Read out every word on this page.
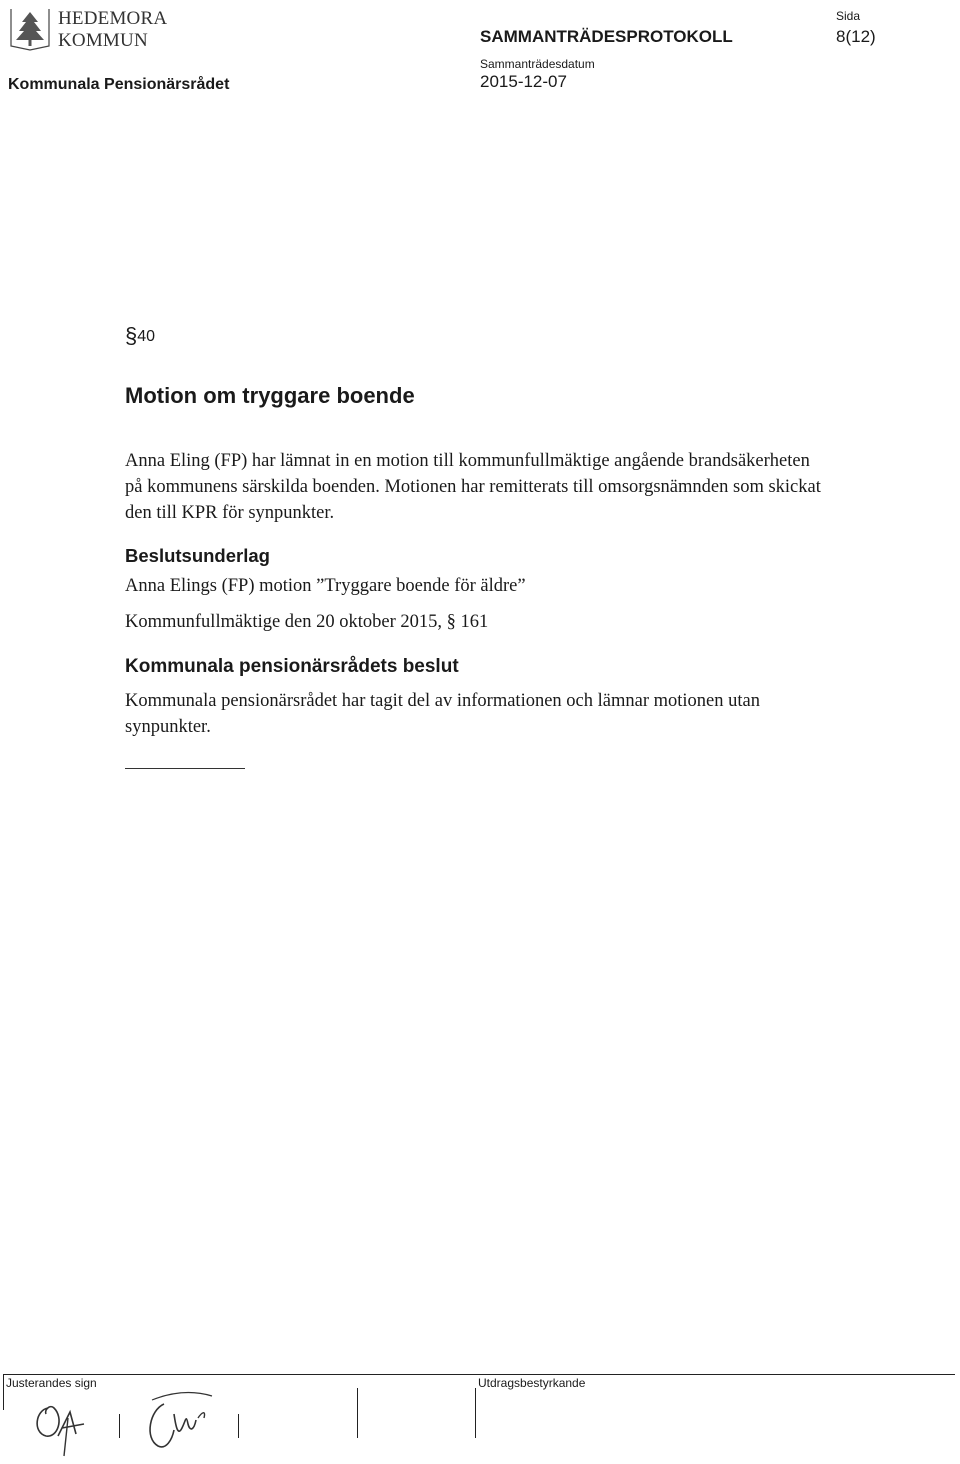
HEDEMORA
KOMMUN
Kommunala Pensionärsrådet
SAMMANTRÄDESPROTOKOLL
Sammanträdesdatum
2015-12-07
Sida
8(12)
§40
Motion om tryggare boende

Anna Eling (FP) har lämnat in en motion till kommunfullmäktige angående brandsäkerheten på kommunens särskilda boenden. Motionen har remitterats till omsorgsnämnden som skickat den till KPR för synpunkter.

Beslutsunderlag

Anna Elings (FP) motion ”Tryggare boende för äldre”

Kommunfullmäktige den 20 oktober 2015, § 161

Kommunala pensionärsrådets beslut

Kommunala pensionärsrådet har tagit del av informationen och lämnar motionen utan synpunkter.

Justerandes sign	Utdragsbestyrkande
